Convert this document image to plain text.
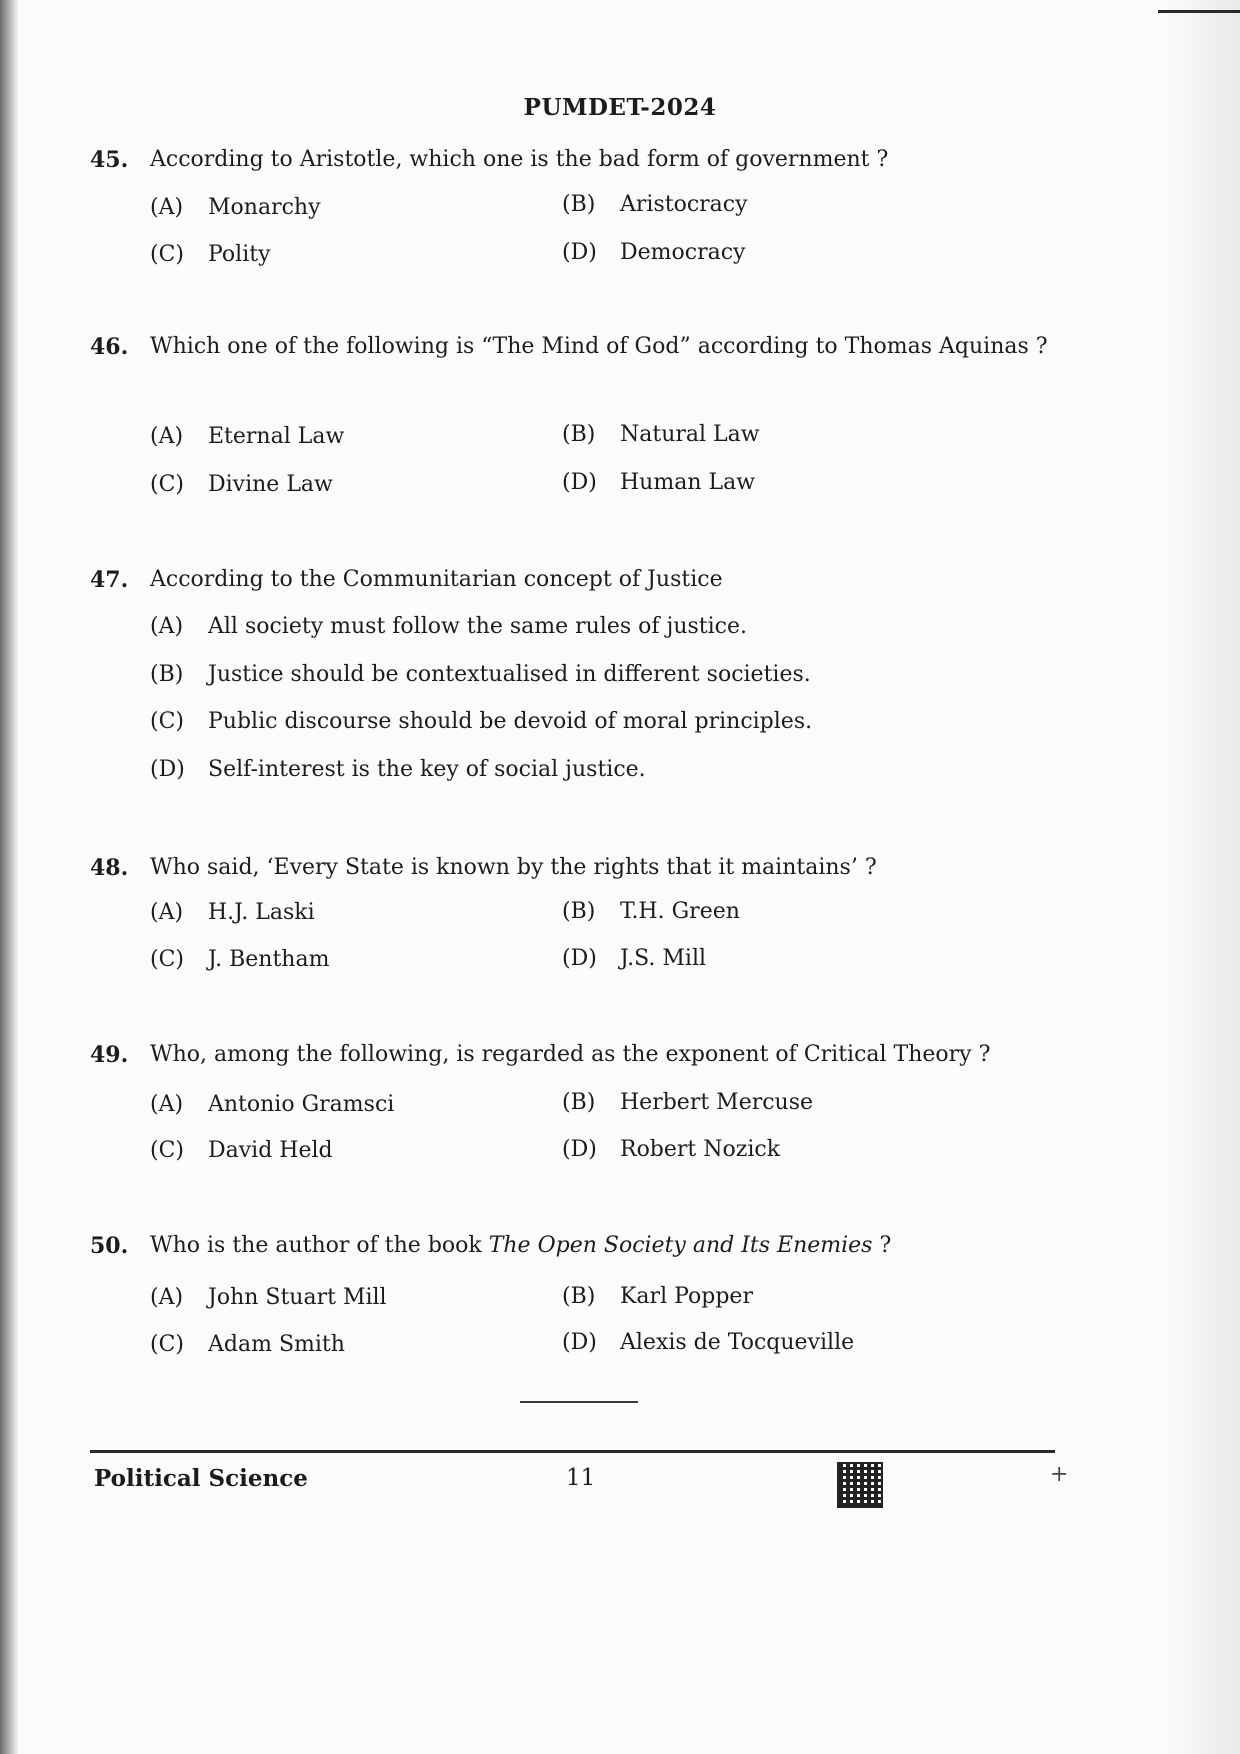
PUMDET-2024
45. According to Aristotle, which one is the bad form of government ?
(A) Monarchy	(B) Aristocracy
(C) Polity	(D) Democracy
46. Which one of the following is “The Mind of God” according to Thomas Aquinas ?
(A) Eternal Law	(B) Natural Law
(C) Divine Law	(D) Human Law
47. According to the Communitarian concept of Justice
(A) All society must follow the same rules of justice.
(B) Justice should be contextualised in different societies.
(C) Public discourse should be devoid of moral principles.
(D) Self-interest is the key of social justice.
48. Who said, ‘Every State is known by the rights that it maintains’ ?
(A) H.J. Laski	(B) T.H. Green
(C) J. Bentham	(D) J.S. Mill
49. Who, among the following, is regarded as the exponent of Critical Theory ?
(A) Antonio Gramsci	(B) Herbert Mercuse
(C) David Held	(D) Robert Nozick
50. Who is the author of the book The Open Society and Its Enemies ?
(A) John Stuart Mill	(B) Karl Popper
(C) Adam Smith	(D) Alexis de Tocqueville
Political Science	11	+
